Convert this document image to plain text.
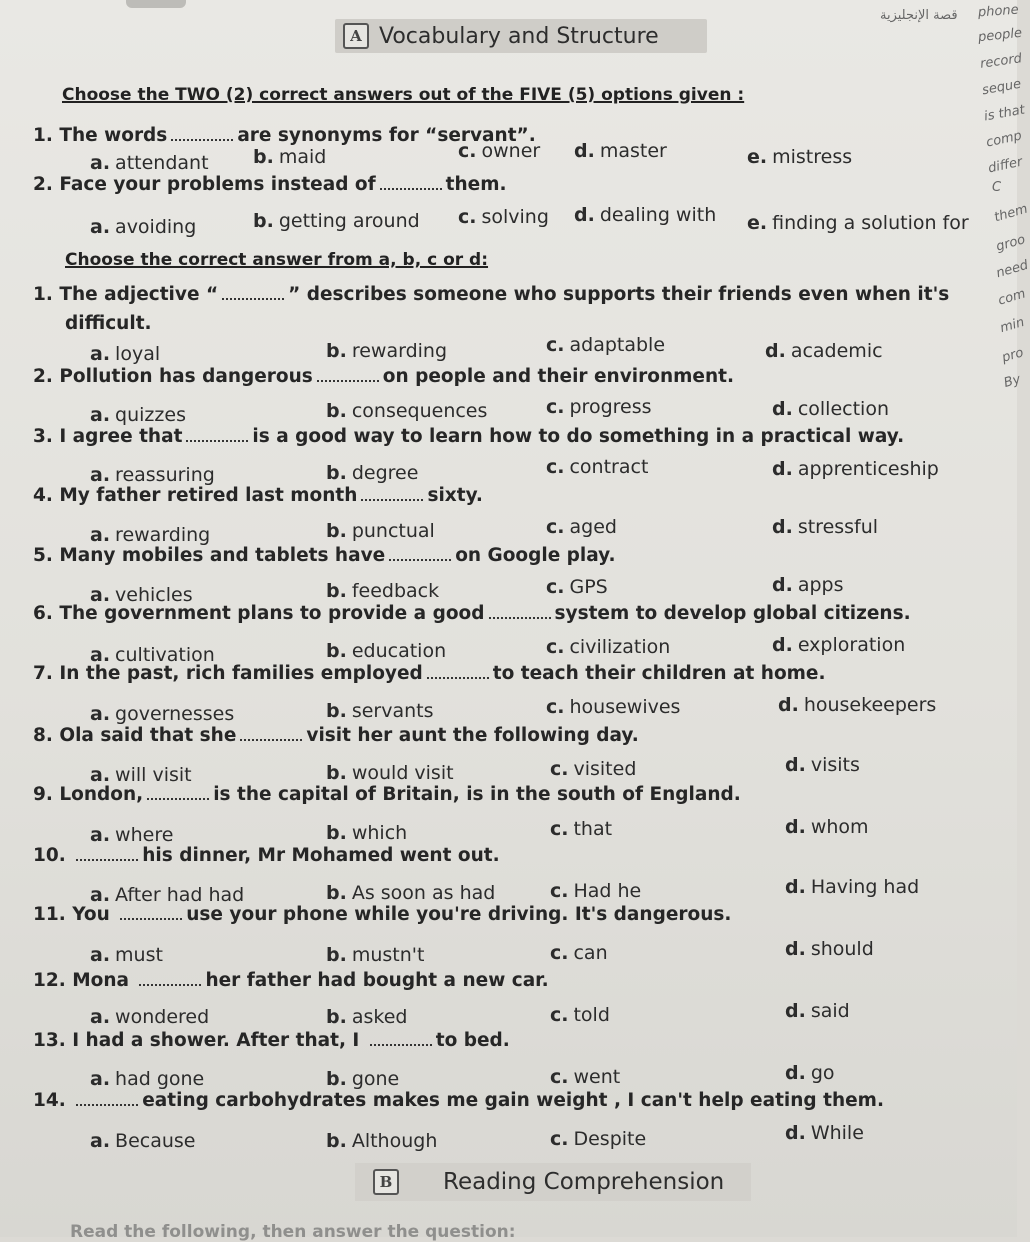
A Vocabulary and Structure
قصة الإنجليزية phone
people
record
seque
is that
comp
differ
C
them
groo
need
com
min
pro
By
Choose the TWO (2) correct answers out of the FIVE (5) options given :
1. The words	are synonyms for “servant”.
a. attendant b. maid	c. owner d. master	e. mistress
2. Face your problems instead of	them.
a. avoiding	b. getting around c. solving d. dealing with e. finding a solution for
Choose the correct answer from a, b, c or d:
1. The adjective “	” describes someone who supports their friends even when it's
difficult.
a. loyal	b. rewarding	c. adaptable	d. academic
2. Pollution has dangerous	on people and their environment.
a. quizzes	b. consequences	c. progress	d. collection
3. I agree that	is a good way to learn how to do something in a practical way.
a. reassuring	b. degree	c. contract	d. apprenticeship
4. My father retired last month	sixty.
a. rewarding	b. punctual	c. aged	d. stressful
5. Many mobiles and tablets have	on Google play.
a. vehicles	b. feedback	c. GPS	d. apps
6. The government plans to provide a good	system to develop global citizens.
a. cultivation	b. education	c. civilization	d. exploration
7. In the past, rich families employed	to teach their children at home.
a. governesses	b. servants	c. housewives	d. housekeepers
8. Ola said that she	visit her aunt the following day.
a. will visit	b. would visit	c. visited	d. visits
9. London,	is the capital of Britain, is in the south of England.
a. where	b. which	c. that	d. whom
10.	his dinner, Mr Mohamed went out.
a. After had had	b. As soon as had	c. Had he	d. Having had
11. You	use your phone while you're driving. It's dangerous.
a. must	b. mustn't	c. can	d. should
12. Mona	her father had bought a new car.
a. wondered	b. asked	c. told	d. said
13. I had a shower. After that, I	to bed.
a. had gone	b. gone	c. went	d. go
14.	eating carbohydrates makes me gain weight , I can't help eating them.
a. Because	b. Although	c. Despite	d. While
B Reading Comprehension
Read the following, then answer the question:
